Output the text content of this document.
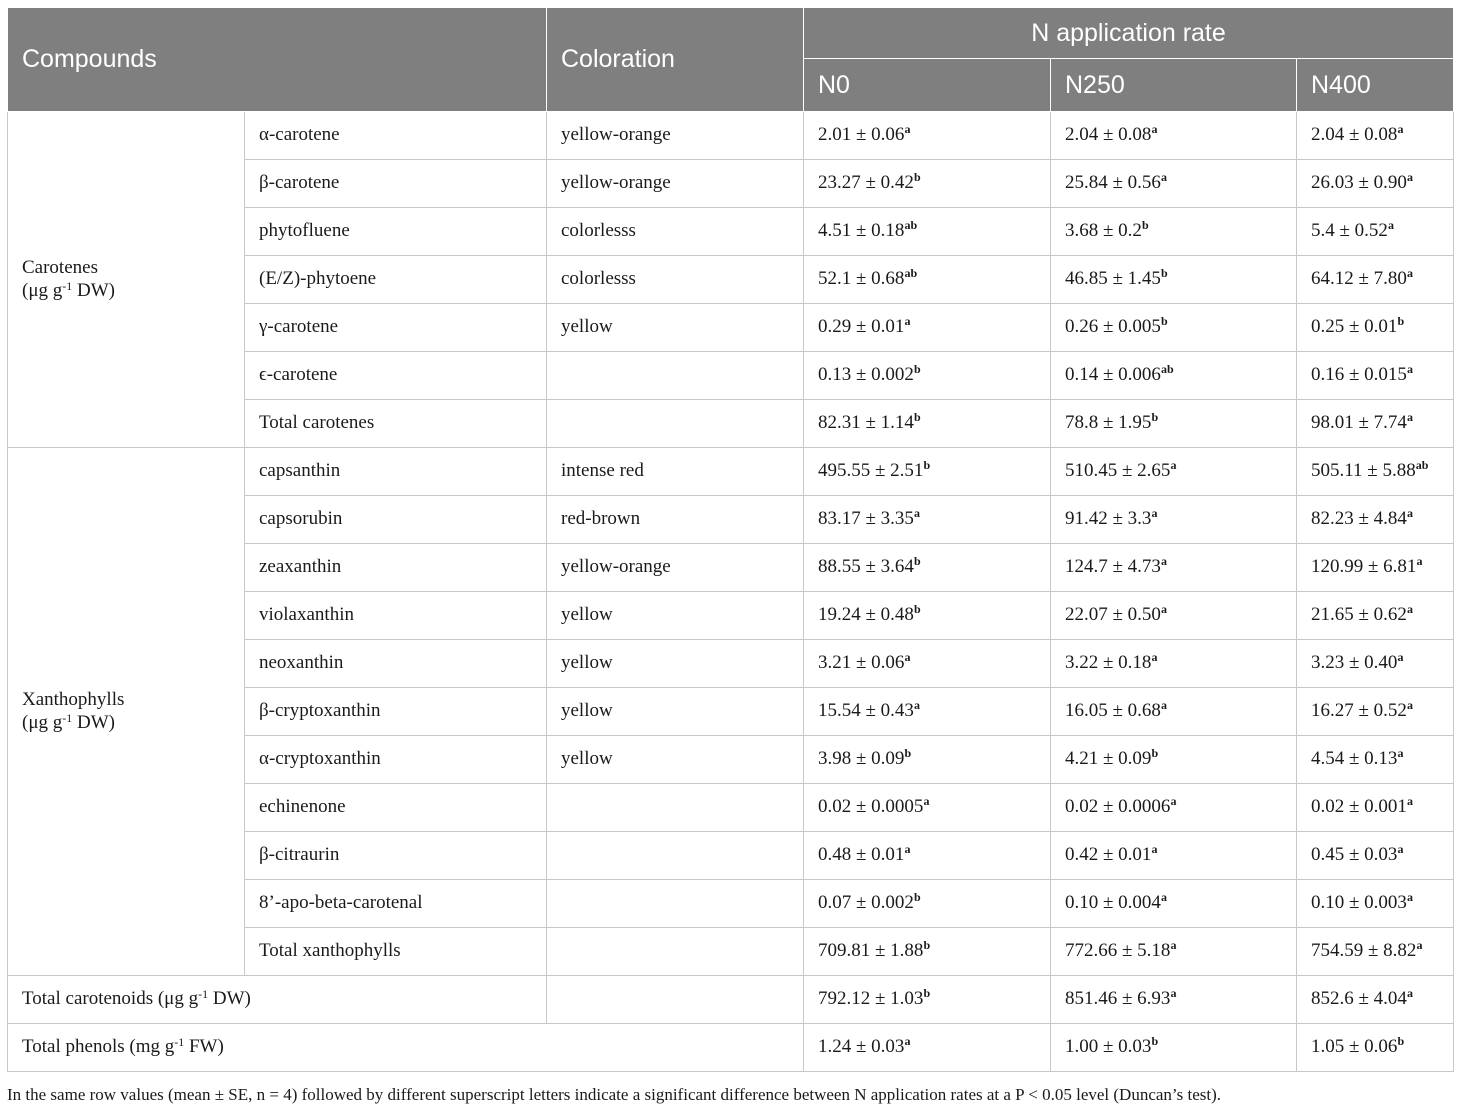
Compounds		Coloration	N application rate		
			N0	N250	N400
Carotenes
(μg $g^{-1}$ DW)	α-carotene	yellow-orange	2.01 ± 0.06$^a$	2.04 ± 0.08$^a$	2.04 ± 0.08$^a$
	β-carotene	yellow-orange	23.27 ± 0.42$^b$	25.84 ± 0.56$^a$	26.03 ± 0.90$^a$
	phytofluene	colorlesss	4.51 ± 0.18$^{ab}$	3.68 ± 0.2$^b$	5.4 ± 0.52$^a$
	(E/Z)-phytoene	colorlesss	52.1 ± 0.68$^{ab}$	46.85 ± 1.45$^b$	64.12 ± 7.80$^a$
	γ-carotene	yellow	0.29 ± 0.01$^a$	0.26 ± 0.005$^b$	0.25 ± 0.01$^b$
	ϵ-carotene		0.13 ± 0.002$^b$	0.14 ± 0.006$^{ab}$	0.16 ± 0.015$^a$
	Total carotenes		82.31 ± 1.14$^b$	78.8 ± 1.95$^b$	98.01 ± 7.74$^a$
Xanthophylls
(μg $g^{-1}$ DW)	capsanthin	intense red	495.55 ± 2.51$^b$	510.45 ± 2.65$^a$	505.11 ± 5.88$^{ab}$
	capsorubin	red-brown	83.17 ± 3.35$^a$	91.42 ± 3.3$^a$	82.23 ± 4.84$^a$
	zeaxanthin	yellow-orange	88.55 ± 3.64$^b$	124.7 ± 4.73$^a$	120.99 ± 6.81$^a$
	violaxanthin	yellow	19.24 ± 0.48$^b$	22.07 ± 0.50$^a$	21.65 ± 0.62$^a$
	neoxanthin	yellow	3.21 ± 0.06$^a$	3.22 ± 0.18$^a$	3.23 ± 0.40$^a$
	β-cryptoxanthin	yellow	15.54 ± 0.43$^a$	16.05 ± 0.68$^a$	16.27 ± 0.52$^a$
	α-cryptoxanthin	yellow	3.98 ± 0.09$^b$	4.21 ± 0.09$^b$	4.54 ± 0.13$^a$
	echinenone		0.02 ± 0.0005$^a$	0.02 ± 0.0006$^a$	0.02 ± 0.001$^a$
	β-citraurin		0.48 ± 0.01$^a$	0.42 ± 0.01$^a$	0.45 ± 0.03$^a$
	8’-apo-beta-carotenal		0.07 ± 0.002$^b$	0.10 ± 0.004$^a$	0.10 ± 0.003$^a$
	Total xanthophylls		709.81 ± 1.88$^b$	772.66 ± 5.18$^a$	754.59 ± 8.82$^a$
Total carotenoids (μg $g^{-1}$ DW)			792.12 ± 1.03$^b$	851.46 ± 6.93$^a$	852.6 ± 4.04$^a$
Total phenols (mg $g^{-1}$ FW)			1.24 ± 0.03$^a$	1.00 ± 0.03$^b$	1.05 ± 0.06$^b$

In the same row values (mean ± SE, n = 4) followed by different superscript letters indicate a significant difference between N application rates at a P < 0.05 level (Duncan’s test).
